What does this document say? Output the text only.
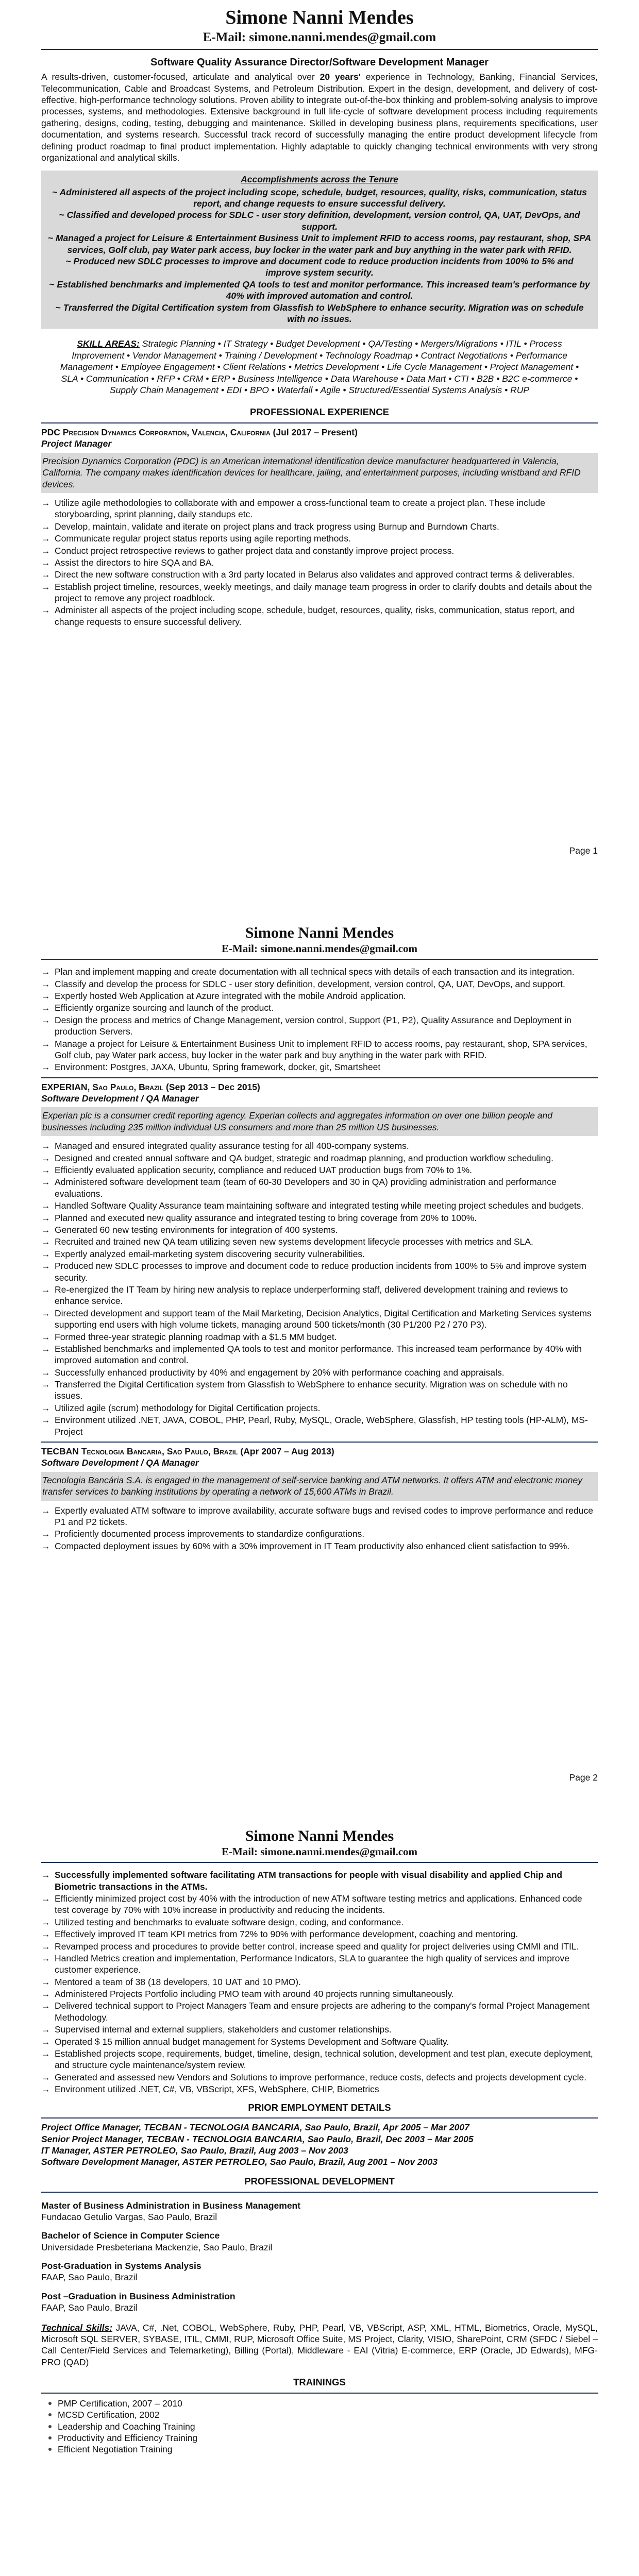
Simone Nanni Mendes
E-Mail: simone.nanni.mendes@gmail.com
Software Quality Assurance Director/Software Development Manager

A results-driven, customer-focused, articulate and analytical over 20 years' experience in Technology, Banking, Financial Services, Telecommunication, Cable and Broadcast Systems, and Petroleum Distribution. Expert in the design, development, and delivery of cost-effective, high-performance technology solutions. Proven ability to integrate out-of-the-box thinking and problem-solving analysis to improve processes, systems, and methodologies. Extensive background in full life-cycle of software development process including requirements gathering, designs, coding, testing, debugging and maintenance. Skilled in developing business plans, requirements specifications, user documentation, and systems research. Successful track record of successfully managing the entire product development lifecycle from defining product roadmap to final product implementation. Highly adaptable to quickly changing technical environments with very strong organizational and analytical skills.

Accomplishments across the Tenure
~ Administered all aspects of the project including scope, schedule, budget, resources, quality, risks, communication, status report, and change requests to ensure successful delivery.
~ Classified and developed process for SDLC - user story definition, development, version control, QA, UAT, DevOps, and support.
~ Managed a project for Leisure & Entertainment Business Unit to implement RFID to access rooms, pay restaurant, shop, SPA services, Golf club, pay Water park access, buy locker in the water park and buy anything in the water park with RFID.
~ Produced new SDLC processes to improve and document code to reduce production incidents from 100% to 5% and improve system security.
~ Established benchmarks and implemented QA tools to test and monitor performance. This increased team's performance by 40% with improved automation and control.
~ Transferred the Digital Certification system from Glassfish to WebSphere to enhance security. Migration was on schedule with no issues.

SKILL AREAS: Strategic Planning • IT Strategy • Budget Development • QA/Testing • Mergers/Migrations • ITIL • Process Improvement • Vendor Management • Training / Development • Technology Roadmap • Contract Negotiations • Performance Management • Employee Engagement • Client Relations • Metrics Development • Life Cycle Management • Project Management • SLA • Communication • RFP • CRM • ERP • Business Intelligence • Data Warehouse • Data Mart • CTI • B2B • B2C e-commerce • Supply Chain Management • EDI • BPO • Waterfall • Agile • Structured/Essential Systems Analysis • RUP

PROFESSIONAL EXPERIENCE
PDC Precision Dynamics Corporation, Valencia, California (Jul 2017 – Present)
Project Manager
Precision Dynamics Corporation (PDC) is an American international identification device manufacturer headquartered in Valencia, California. The company makes identification devices for healthcare, jailing, and entertainment purposes, including wristband and RFID devices.
→ Utilize agile methodologies to collaborate with and empower a cross-functional team to create a project plan. These include storyboarding, sprint planning, daily standups etc.
→ Develop, maintain, validate and iterate on project plans and track progress using Burnup and Burndown Charts.
→ Communicate regular project status reports using agile reporting methods.
→ Conduct project retrospective reviews to gather project data and constantly improve project process.
→ Assist the directors to hire SQA and BA.
→ Direct the new software construction with a 3rd party located in Belarus also validates and approved contract terms & deliverables.
→ Establish project timeline, resources, weekly meetings, and daily manage team progress in order to clarify doubts and details about the project to remove any project roadblock.
→ Administer all aspects of the project including scope, schedule, budget, resources, quality, risks, communication, status report, and change requests to ensure successful delivery.
Page 1
Simone Nanni Mendes
E-Mail: simone.nanni.mendes@gmail.com
→ Plan and implement mapping and create documentation with all technical specs with details of each transaction and its integration.
→ Classify and develop the process for SDLC - user story definition, development, version control, QA, UAT, DevOps, and support.
→ Expertly hosted Web Application at Azure integrated with the mobile Android application.
→ Efficiently organize sourcing and launch of the product.
→ Design the process and metrics of Change Management, version control, Support (P1, P2), Quality Assurance and Deployment in production Servers.
→ Manage a project for Leisure & Entertainment Business Unit to implement RFID to access rooms, pay restaurant, shop, SPA services, Golf club, pay Water park access, buy locker in the water park and buy anything in the water park with RFID.
→ Environment: Postgres, JAXA, Ubuntu, Spring framework, docker, git, Smartsheet
EXPERIAN, Sao Paulo, Brazil (Sep 2013 – Dec 2015)
Software Development / QA Manager
Experian plc is a consumer credit reporting agency. Experian collects and aggregates information on over one billion people and businesses including 235 million individual US consumers and more than 25 million US businesses.
→ Managed and ensured integrated quality assurance testing for all 400-company systems.
→ Designed and created annual software and QA budget, strategic and roadmap planning, and production workflow scheduling.
→ Efficiently evaluated application security, compliance and reduced UAT production bugs from 70% to 1%.
→ Administered software development team (team of 60-30 Developers and 30 in QA) providing administration and performance evaluations.
→ Handled Software Quality Assurance team maintaining software and integrated testing while meeting project schedules and budgets.
→ Planned and executed new quality assurance and integrated testing to bring coverage from 20% to 100%.
→ Generated 60 new testing environments for integration of 400 systems.
→ Recruited and trained new QA team utilizing seven new systems development lifecycle processes with metrics and SLA.
→ Expertly analyzed email-marketing system discovering security vulnerabilities.
→ Produced new SDLC processes to improve and document code to reduce production incidents from 100% to 5% and improve system security.
→ Re-energized the IT Team by hiring new analysis to replace underperforming staff, delivered development training and reviews to enhance service.
→ Directed development and support team of the Mail Marketing, Decision Analytics, Digital Certification and Marketing Services systems supporting end users with high volume tickets, managing around 500 tickets/month (30 P1/200 P2 / 270 P3).
→ Formed three-year strategic planning roadmap with a $1.5 MM budget.
→ Established benchmarks and implemented QA tools to test and monitor performance. This increased team performance by 40% with improved automation and control.
→ Successfully enhanced productivity by 40% and engagement by 20% with performance coaching and appraisals.
→ Transferred the Digital Certification system from Glassfish to WebSphere to enhance security. Migration was on schedule with no issues.
→ Utilized agile (scrum) methodology for Digital Certification projects.
→ Environment utilized .NET, JAVA, COBOL, PHP, Pearl, Ruby, MySQL, Oracle, WebSphere, Glassfish, HP testing tools (HP-ALM), MS- Project
TECBAN Tecnologia Bancaria, Sao Paulo, Brazil (Apr 2007 – Aug 2013)
Software Development / QA Manager
Tecnologia Bancária S.A. is engaged in the management of self-service banking and ATM networks. It offers ATM and electronic money transfer services to banking institutions by operating a network of 15,600 ATMs in Brazil.
→ Expertly evaluated ATM software to improve availability, accurate software bugs and revised codes to improve performance and reduce P1 and P2 tickets.
→ Proficiently documented process improvements to standardize configurations.
→ Compacted deployment issues by 60% with a 30% improvement in IT Team productivity also enhanced client satisfaction to 99%.
Page 2
Simone Nanni Mendes
E-Mail: simone.nanni.mendes@gmail.com
→ Successfully implemented software facilitating ATM transactions for people with visual disability and applied Chip and Biometric transactions in the ATMs.
→ Efficiently minimized project cost by 40% with the introduction of new ATM software testing metrics and applications. Enhanced code test coverage by 70% with 10% increase in productivity and reducing the incidents.
→ Utilized testing and benchmarks to evaluate software design, coding, and conformance.
→ Effectively improved IT team KPI metrics from 72% to 90% with performance development, coaching and mentoring.
→ Revamped process and procedures to provide better control, increase speed and quality for project deliveries using CMMI and ITIL.
→ Handled Metrics creation and implementation, Performance Indicators, SLA to guarantee the high quality of services and improve customer experience.
→ Mentored a team of 38 (18 developers, 10 UAT and 10 PMO).
→ Administered Projects Portfolio including PMO team with around 40 projects running simultaneously.
→ Delivered technical support to Project Managers Team and ensure projects are adhering to the company's formal Project Management Methodology.
→ Supervised internal and external suppliers, stakeholders and customer relationships.
→ Operated $ 15 million annual budget management for Systems Development and Software Quality.
→ Established projects scope, requirements, budget, timeline, design, technical solution, development and test plan, execute deployment, and structure cycle maintenance/system review.
→ Generated and assessed new Vendors and Solutions to improve performance, reduce costs, defects and projects development cycle.
→ Environment utilized .NET, C#, VB, VBScript, XFS, WebSphere, CHIP, Biometrics
PRIOR EMPLOYMENT DETAILS
Project Office Manager, TECBAN - TECNOLOGIA BANCARIA, Sao Paulo, Brazil, Apr 2005 – Mar 2007
Senior Project Manager, TECBAN - TECNOLOGIA BANCARIA, Sao Paulo, Brazil, Dec 2003 – Mar 2005
IT Manager, ASTER PETROLEO, Sao Paulo, Brazil, Aug 2003 – Nov 2003
Software Development Manager, ASTER PETROLEO, Sao Paulo, Brazil, Aug 2001 – Nov 2003
PROFESSIONAL DEVELOPMENT
Master of Business Administration in Business Management
Fundacao Getulio Vargas, Sao Paulo, Brazil
Bachelor of Science in Computer Science
Universidade Presbeteriana Mackenzie, Sao Paulo, Brazil
Post-Graduation in Systems Analysis
FAAP, Sao Paulo, Brazil
Post –Graduation in Business Administration
FAAP, Sao Paulo, Brazil

Technical Skills: JAVA, C#, .Net, COBOL, WebSphere, Ruby, PHP, Pearl, VB, VBScript, ASP, XML, HTML, Biometrics, Oracle, MySQL, Microsoft SQL SERVER, SYBASE, ITIL, CMMI, RUP, Microsoft Office Suite, MS Project, Clarity, VISIO, SharePoint, CRM (SFDC / Siebel – Call Center/Field Services and Telemarketing), Billing (Portal), Middleware - EAI (Vitria) E-commerce, ERP (Oracle, JD Edwards), MFG-PRO (QAD)

TRAININGS
PMP Certification, 2007 – 2010
MCSD Certification, 2002
Leadership and Coaching Training
Productivity and Efficiency Training
Efficient Negotiation Training
